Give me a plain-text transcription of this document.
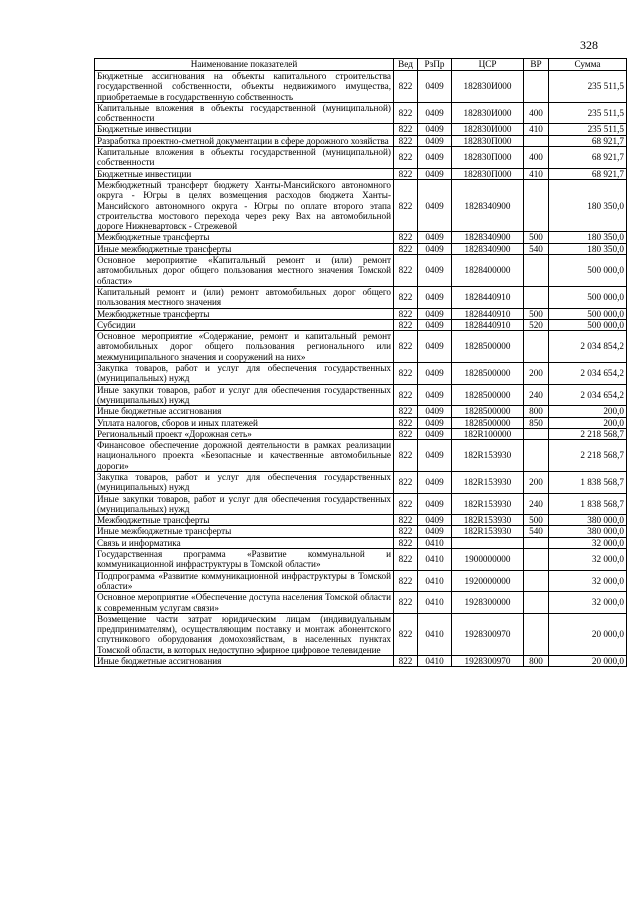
328
Наименование показателей	Вед	РзПр	ЦСР	ВР	Сумма
Бюджетные ассигнования на объекты капитального строительства государственной собственности, объекты недвижимого имущества, приобретаемые в государственную собственность	822	0409	182830И000		235 511,5
Капитальные вложения в объекты государственной (муниципальной) собственности	822	0409	182830И000	400	235 511,5
Бюджетные инвестиции	822	0409	182830И000	410	235 511,5
Разработка проектно-сметной документации в сфере дорожного хозяйства	822	0409	182830П000		68 921,7
Капитальные вложения в объекты государственной (муниципальной) собственности	822	0409	182830П000	400	68 921,7
Бюджетные инвестиции	822	0409	182830П000	410	68 921,7
Межбюджетный трансферт бюджету Ханты-Мансийского автономного округа - Югры в целях возмещения расходов бюджета Ханты-Мансийского автономного округа - Югры по оплате второго этапа строительства мостового перехода через реку Вах на автомобильной дороге Нижневартовск - Стрежевой	822	0409	1828340900		180 350,0
Межбюджетные трансферты	822	0409	1828340900	500	180 350,0
Иные межбюджетные трансферты	822	0409	1828340900	540	180 350,0
Основное мероприятие «Капитальный ремонт и (или) ремонт автомобильных дорог общего пользования местного значения Томской области»	822	0409	1828400000		500 000,0
Капитальный ремонт и (или) ремонт автомобильных дорог общего пользования местного значения	822	0409	1828440910		500 000,0
Межбюджетные трансферты	822	0409	1828440910	500	500 000,0
Субсидии	822	0409	1828440910	520	500 000,0
Основное мероприятие «Содержание, ремонт и капитальный ремонт автомобильных дорог общего пользования регионального или межмуниципального значения и сооружений на них»	822	0409	1828500000		2 034 854,2
Закупка товаров, работ и услуг для обеспечения государственных (муниципальных) нужд	822	0409	1828500000	200	2 034 654,2
Иные закупки товаров, работ и услуг для обеспечения государственных (муниципальных) нужд	822	0409	1828500000	240	2 034 654,2
Иные бюджетные ассигнования	822	0409	1828500000	800	200,0
Уплата налогов, сборов и иных платежей	822	0409	1828500000	850	200,0
Региональный проект «Дорожная сеть»	822	0409	182R100000		2 218 568,7
Финансовое обеспечение дорожной деятельности в рамках реализации национального проекта «Безопасные и качественные автомобильные дороги»	822	0409	182R153930		2 218 568,7
Закупка товаров, работ и услуг для обеспечения государственных (муниципальных) нужд	822	0409	182R153930	200	1 838 568,7
Иные закупки товаров, работ и услуг для обеспечения государственных (муниципальных) нужд	822	0409	182R153930	240	1 838 568,7
Межбюджетные трансферты	822	0409	182R153930	500	380 000,0
Иные межбюджетные трансферты	822	0409	182R153930	540	380 000,0
Связь и информатика	822	0410			32 000,0
Государственная программа «Развитие коммунальной и коммуникационной инфраструктуры в Томской области»	822	0410	1900000000		32 000,0
Подпрограмма «Развитие коммуникационной инфраструктуры в Томской области»	822	0410	1920000000		32 000,0
Основное мероприятие «Обеспечение доступа населения Томской области к современным услугам связи»	822	0410	1928300000		32 000,0
Возмещение части затрат юридическим лицам (индивидуальным предпринимателям), осуществляющим поставку и монтаж абонентского спутникового оборудования домохозяйствам, в населенных пунктах Томской области, в которых недоступно эфирное цифровое телевидение	822	0410	1928300970		20 000,0
Иные бюджетные ассигнования	822	0410	1928300970	800	20 000,0
